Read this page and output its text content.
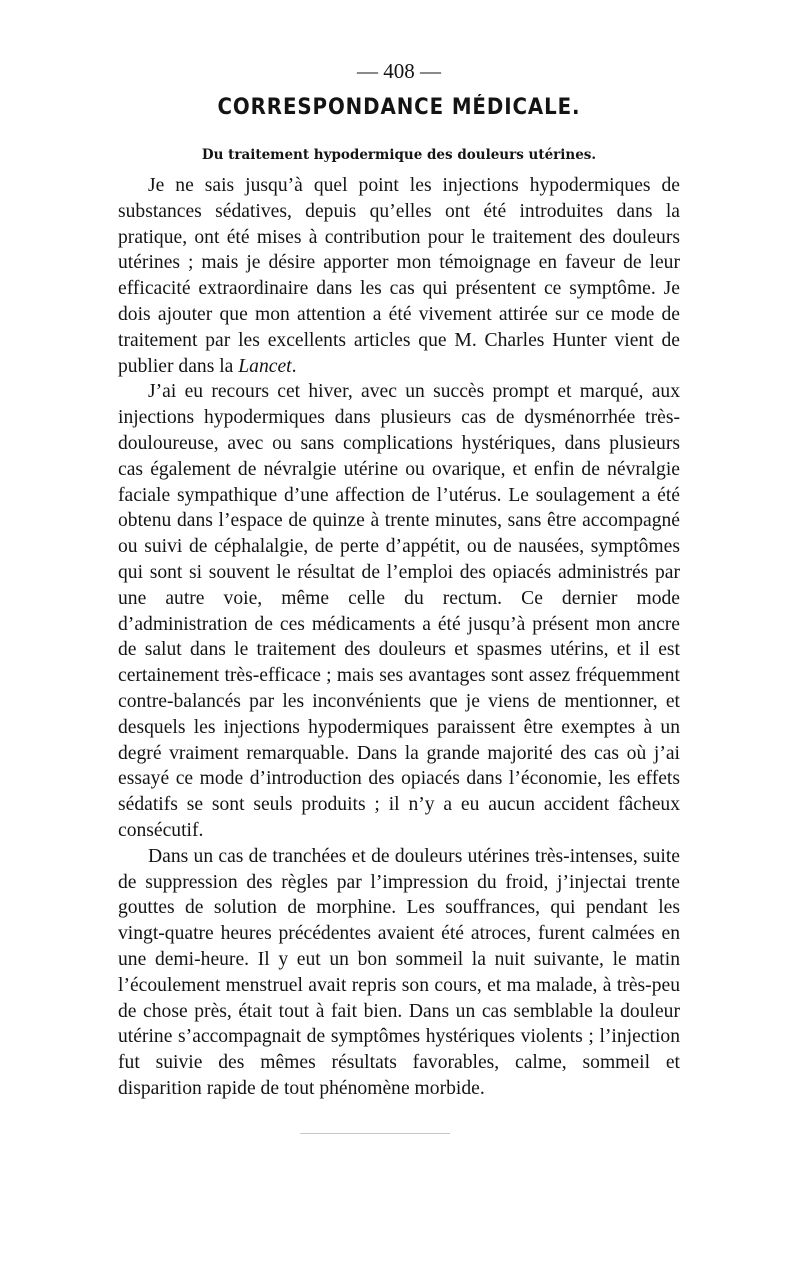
— 408 —
CORRESPONDANCE MÉDICALE.
Du traitement hypodermique des douleurs utérines.

Je ne sais jusqu’à quel point les injections hypodermiques de substances sédatives, depuis qu’elles ont été introduites dans la pratique, ont été mises à contribution pour le traitement des douleurs utérines ; mais je désire apporter mon témoignage en faveur de leur efficacité extraordinaire dans les cas qui présentent ce symptôme. Je dois ajouter que mon attention a été vivement attirée sur ce mode de traitement par les excellents articles que M. Charles Hunter vient de publier dans la Lancet.

J’ai eu recours cet hiver, avec un succès prompt et marqué, aux injections hypodermiques dans plusieurs cas de dysménorrhée très-douloureuse, avec ou sans complications hystériques, dans plusieurs cas également de névralgie utérine ou ovarique, et enfin de névralgie faciale sympathique d’une affection de l’utérus. Le soulagement a été obtenu dans l’espace de quinze à trente minutes, sans être accompagné ou suivi de céphalalgie, de perte d’appétit, ou de nausées, symptômes qui sont si souvent le résultat de l’emploi des opiacés administrés par une autre voie, même celle du rectum. Ce dernier mode d’administration de ces médicaments a été jusqu’à présent mon ancre de salut dans le traitement des douleurs et spasmes utérins, et il est certainement très-efficace ; mais ses avantages sont assez fréquemment contre-balancés par les inconvénients que je viens de mentionner, et desquels les injections hypodermiques paraissent être exemptes à un degré vraiment remarquable. Dans la grande majorité des cas où j’ai essayé ce mode d’introduction des opiacés dans l’économie, les effets sédatifs se sont seuls produits ; il n’y a eu aucun accident fâcheux consécutif.

Dans un cas de tranchées et de douleurs utérines très-intenses, suite de suppression des règles par l’impression du froid, j’injectai trente gouttes de solution de morphine. Les souffrances, qui pendant les vingt-quatre heures précédentes avaient été atroces, furent calmées en une demi-heure. Il y eut un bon sommeil la nuit suivante, le matin l’écoulement menstruel avait repris son cours, et ma malade, à très-peu de chose près, était tout à fait bien. Dans un cas semblable la douleur utérine s’accompagnait de symptômes hystériques violents ; l’injection fut suivie des mêmes résultats favorables, calme, sommeil et disparition rapide de tout phénomène morbide.
